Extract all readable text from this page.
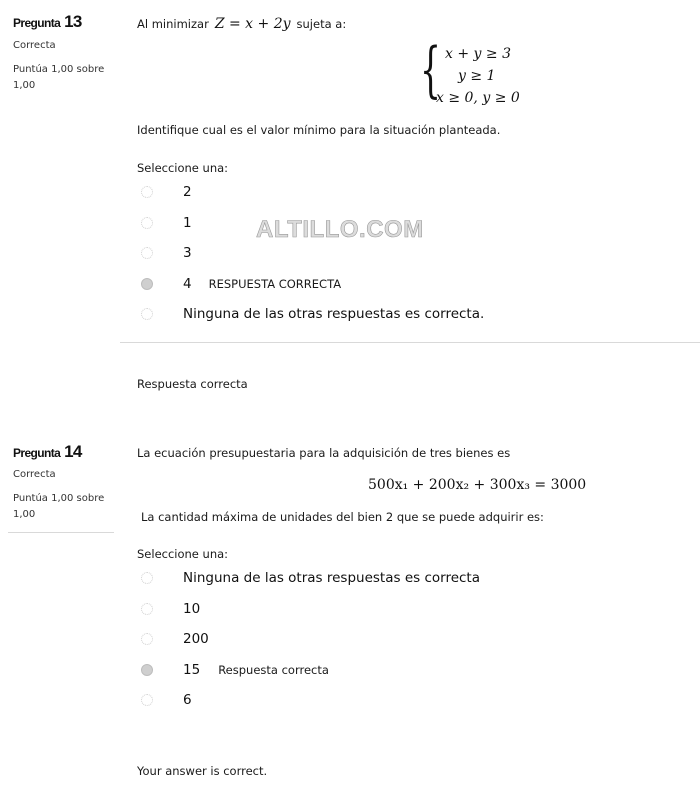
Pregunta 13
Correcta
Puntúa 1,00 sobre 1,00
Al minimizar Z = x + 2y sujeta a:
{ x + y ≥ 3
y ≥ 1
x ≥ 0, y ≥ 0
Identifique cual es el valor mínimo para la situación planteada.
Seleccione una:
2
1
3
4 RESPUESTA CORRECTA
Ninguna de las otras respuestas es correcta.
Respuesta correcta
ALTILLO.COM
Pregunta 14
Correcta
Puntúa 1,00 sobre 1,00
La ecuación presupuestaria para la adquisición de tres bienes es
500x₁ + 200x₂ + 300x₃ = 3000
La cantidad máxima de unidades del bien 2 que se puede adquirir es:
Seleccione una:
Ninguna de las otras respuestas es correcta
10
200
15 Respuesta correcta
6
Your answer is correct.
